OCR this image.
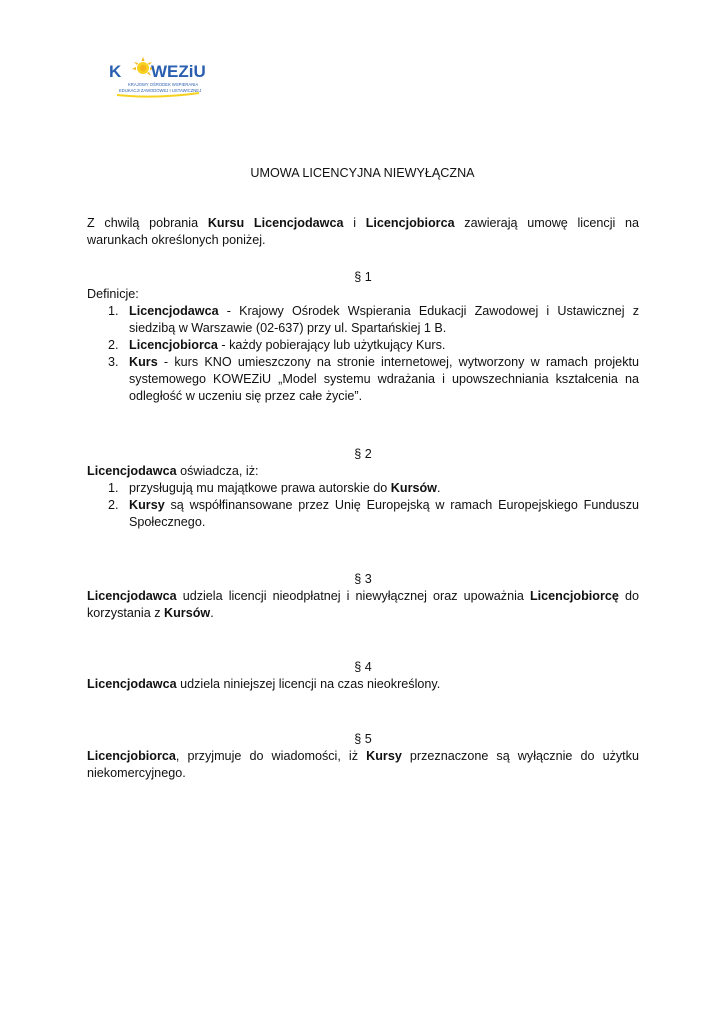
K WEZiU
KRAJOWY OŚRODEK WSPIERANIA
EDUKACJI ZAWODOWEJ I USTAWICZNEJ
UMOWA LICENCYJNA NIEWYŁĄCZNA
Z chwilą pobrania Kursu Licencjodawca i Licencjobiorca zawierają umowę licencji na warunkach określonych poniżej.
§ 1
Definicje:
1. Licencjodawca - Krajowy Ośrodek Wspierania Edukacji Zawodowej i Ustawicznej z siedzibą w Warszawie (02-637) przy ul. Spartańskiej 1 B.
2. Licencjobiorca - każdy pobierający lub użytkujący Kurs.
3. Kurs - kurs KNO umieszczony na stronie internetowej, wytworzony w ramach projektu systemowego KOWEZiU „Model systemu wdrażania i upowszechniania kształcenia na odległość w uczeniu się przez całe życie”.
§ 2
Licencjodawca oświadcza, iż:
1. przysługują mu majątkowe prawa autorskie do Kursów.
2. Kursy są współfinansowane przez Unię Europejską w ramach Europejskiego Funduszu Społecznego.
§ 3
Licencjodawca udziela licencji nieodpłatnej i niewyłącznej oraz upoważnia Licencjobiorcę do korzystania z Kursów.
§ 4
Licencjodawca udziela niniejszej licencji na czas nieokreślony.
§ 5
Licencjobiorca, przyjmuje do wiadomości, iż Kursy przeznaczone są wyłącznie do użytku niekomercyjnego.
